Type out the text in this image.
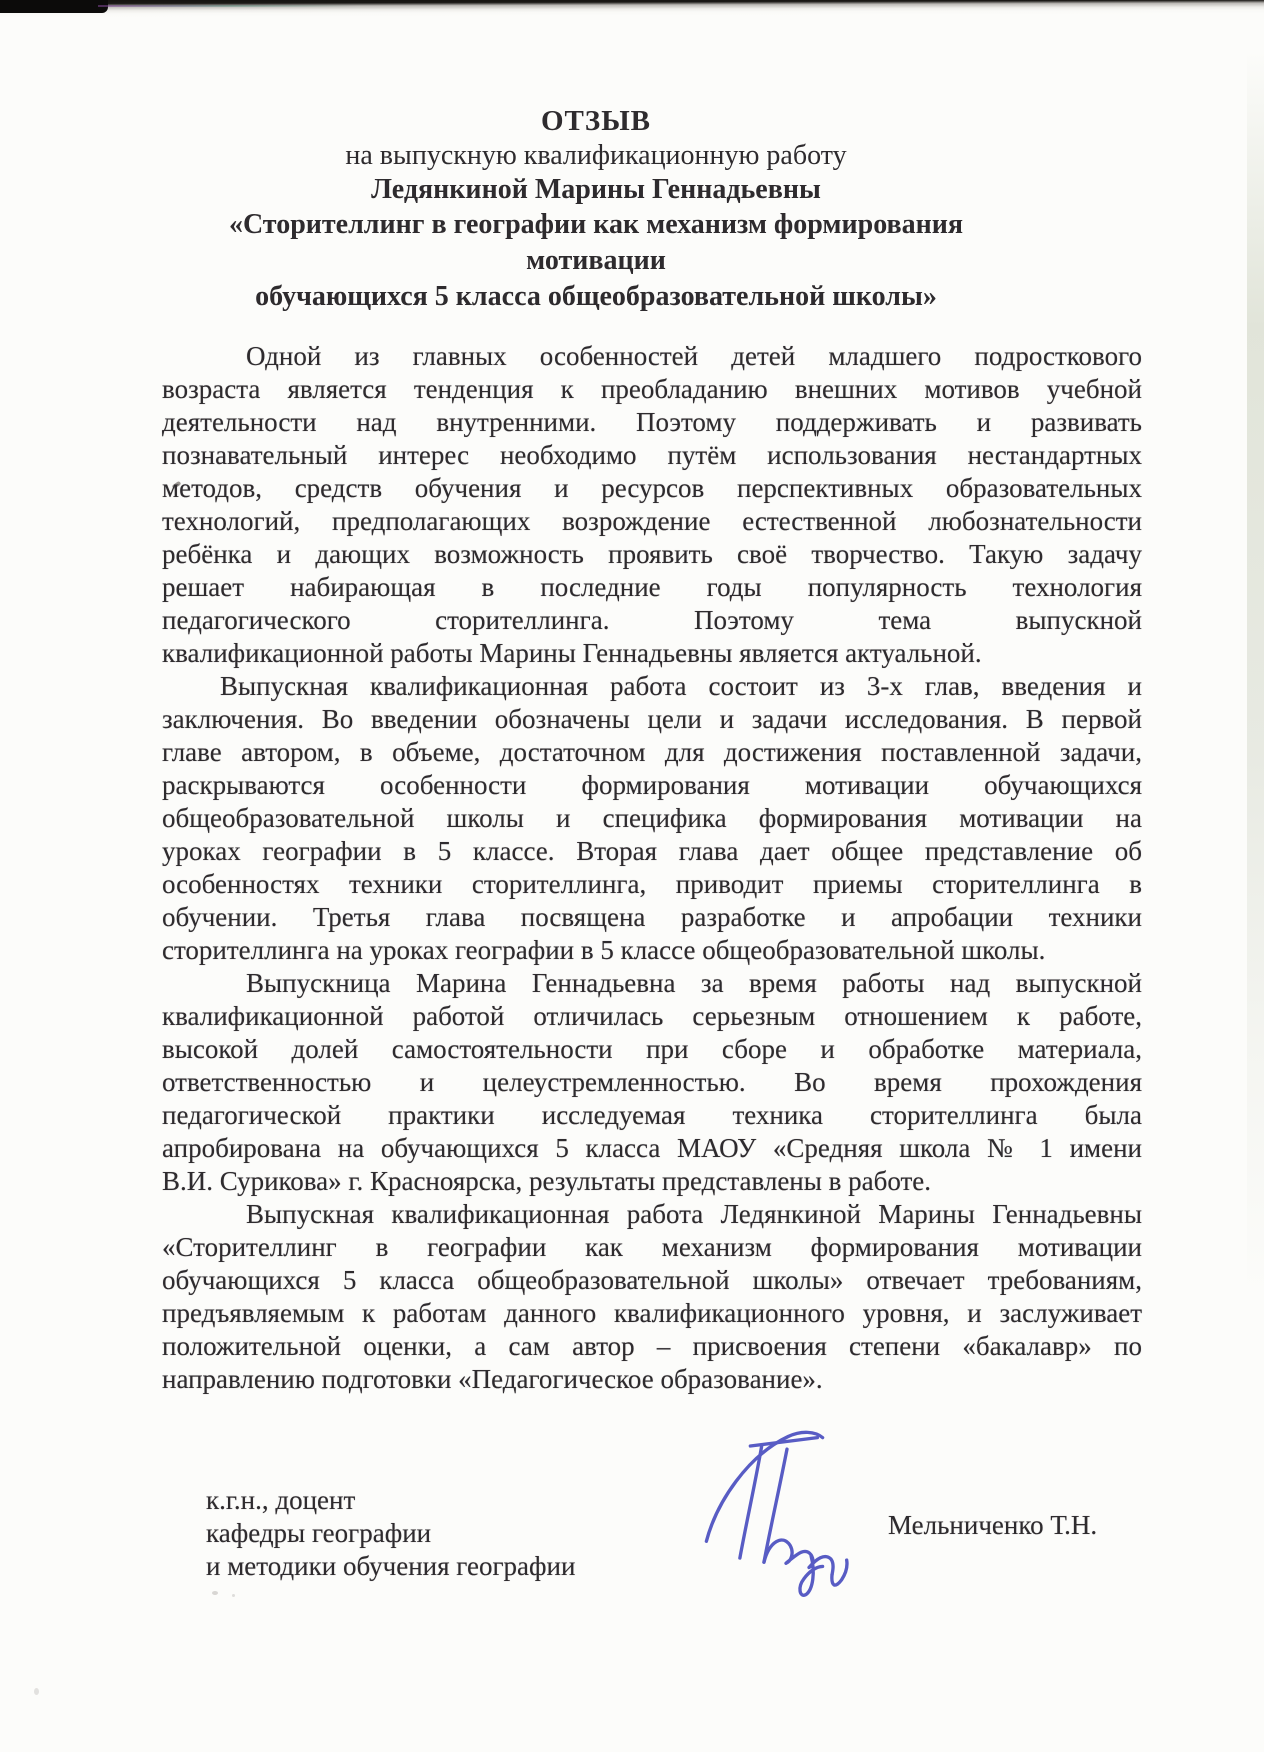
ОТЗЫВ
на выпускную квалификационную работу
Ледянкиной Марины Геннадьевны
«Сторителлинг в географии как механизм формирования мотивации
обучающихся 5 класса общеобразовательной школы»
Одной из главных особенностей детей младшего подросткового
возраста является тенденция к преобладанию внешних мотивов учебной
деятельности над внутренними. Поэтому поддерживать и развивать
познавательный интерес необходимо путём использования нестандартных
методов, средств обучения и ресурсов перспективных образовательных
технологий, предполагающих возрождение естественной любознательности
ребёнка и дающих возможность проявить своё творчество. Такую задачу
решает набирающая в последние годы популярность технология
педагогического сторителлинга. Поэтому тема выпускной
квалификационной работы Марины Геннадьевны является актуальной.
Выпускная квалификационная работа состоит из 3-х глав, введения и
заключения. Во введении обозначены цели и задачи исследования. В первой
главе автором, в объеме, достаточном для достижения поставленной задачи,
раскрываются особенности формирования мотивации обучающихся
общеобразовательной школы и специфика формирования мотивации на
уроках географии в 5 классе. Вторая глава дает общее представление об
особенностях техники сторителлинга, приводит приемы сторителлинга в
обучении. Третья глава посвящена разработке и апробации техники
сторителлинга на уроках географии в 5 классе общеобразовательной школы.
Выпускница Марина Геннадьевна за время работы над выпускной
квалификационной работой отличилась серьезным отношением к работе,
высокой долей самостоятельности при сборе и обработке материала,
ответственностью и целеустремленностью. Во время прохождения
педагогической практики исследуемая техника сторителлинга была
апробирована на обучающихся 5 класса МАОУ «Средняя школа № 1 имени
В.И. Сурикова» г. Красноярска, результаты представлены в работе.
Выпускная квалификационная работа Ледянкиной Марины Геннадьевны
«Сторителлинг в географии как механизм формирования мотивации
обучающихся 5 класса общеобразовательной школы» отвечает требованиям,
предъявляемым к работам данного квалификационного уровня, и заслуживает
положительной оценки, а сам автор – присвоения степени «бакалавр» по
направлению подготовки «Педагогическое образование».
к.г.н., доцент
кафедры географии
и методики обучения географии
Мельниченко Т.Н.
